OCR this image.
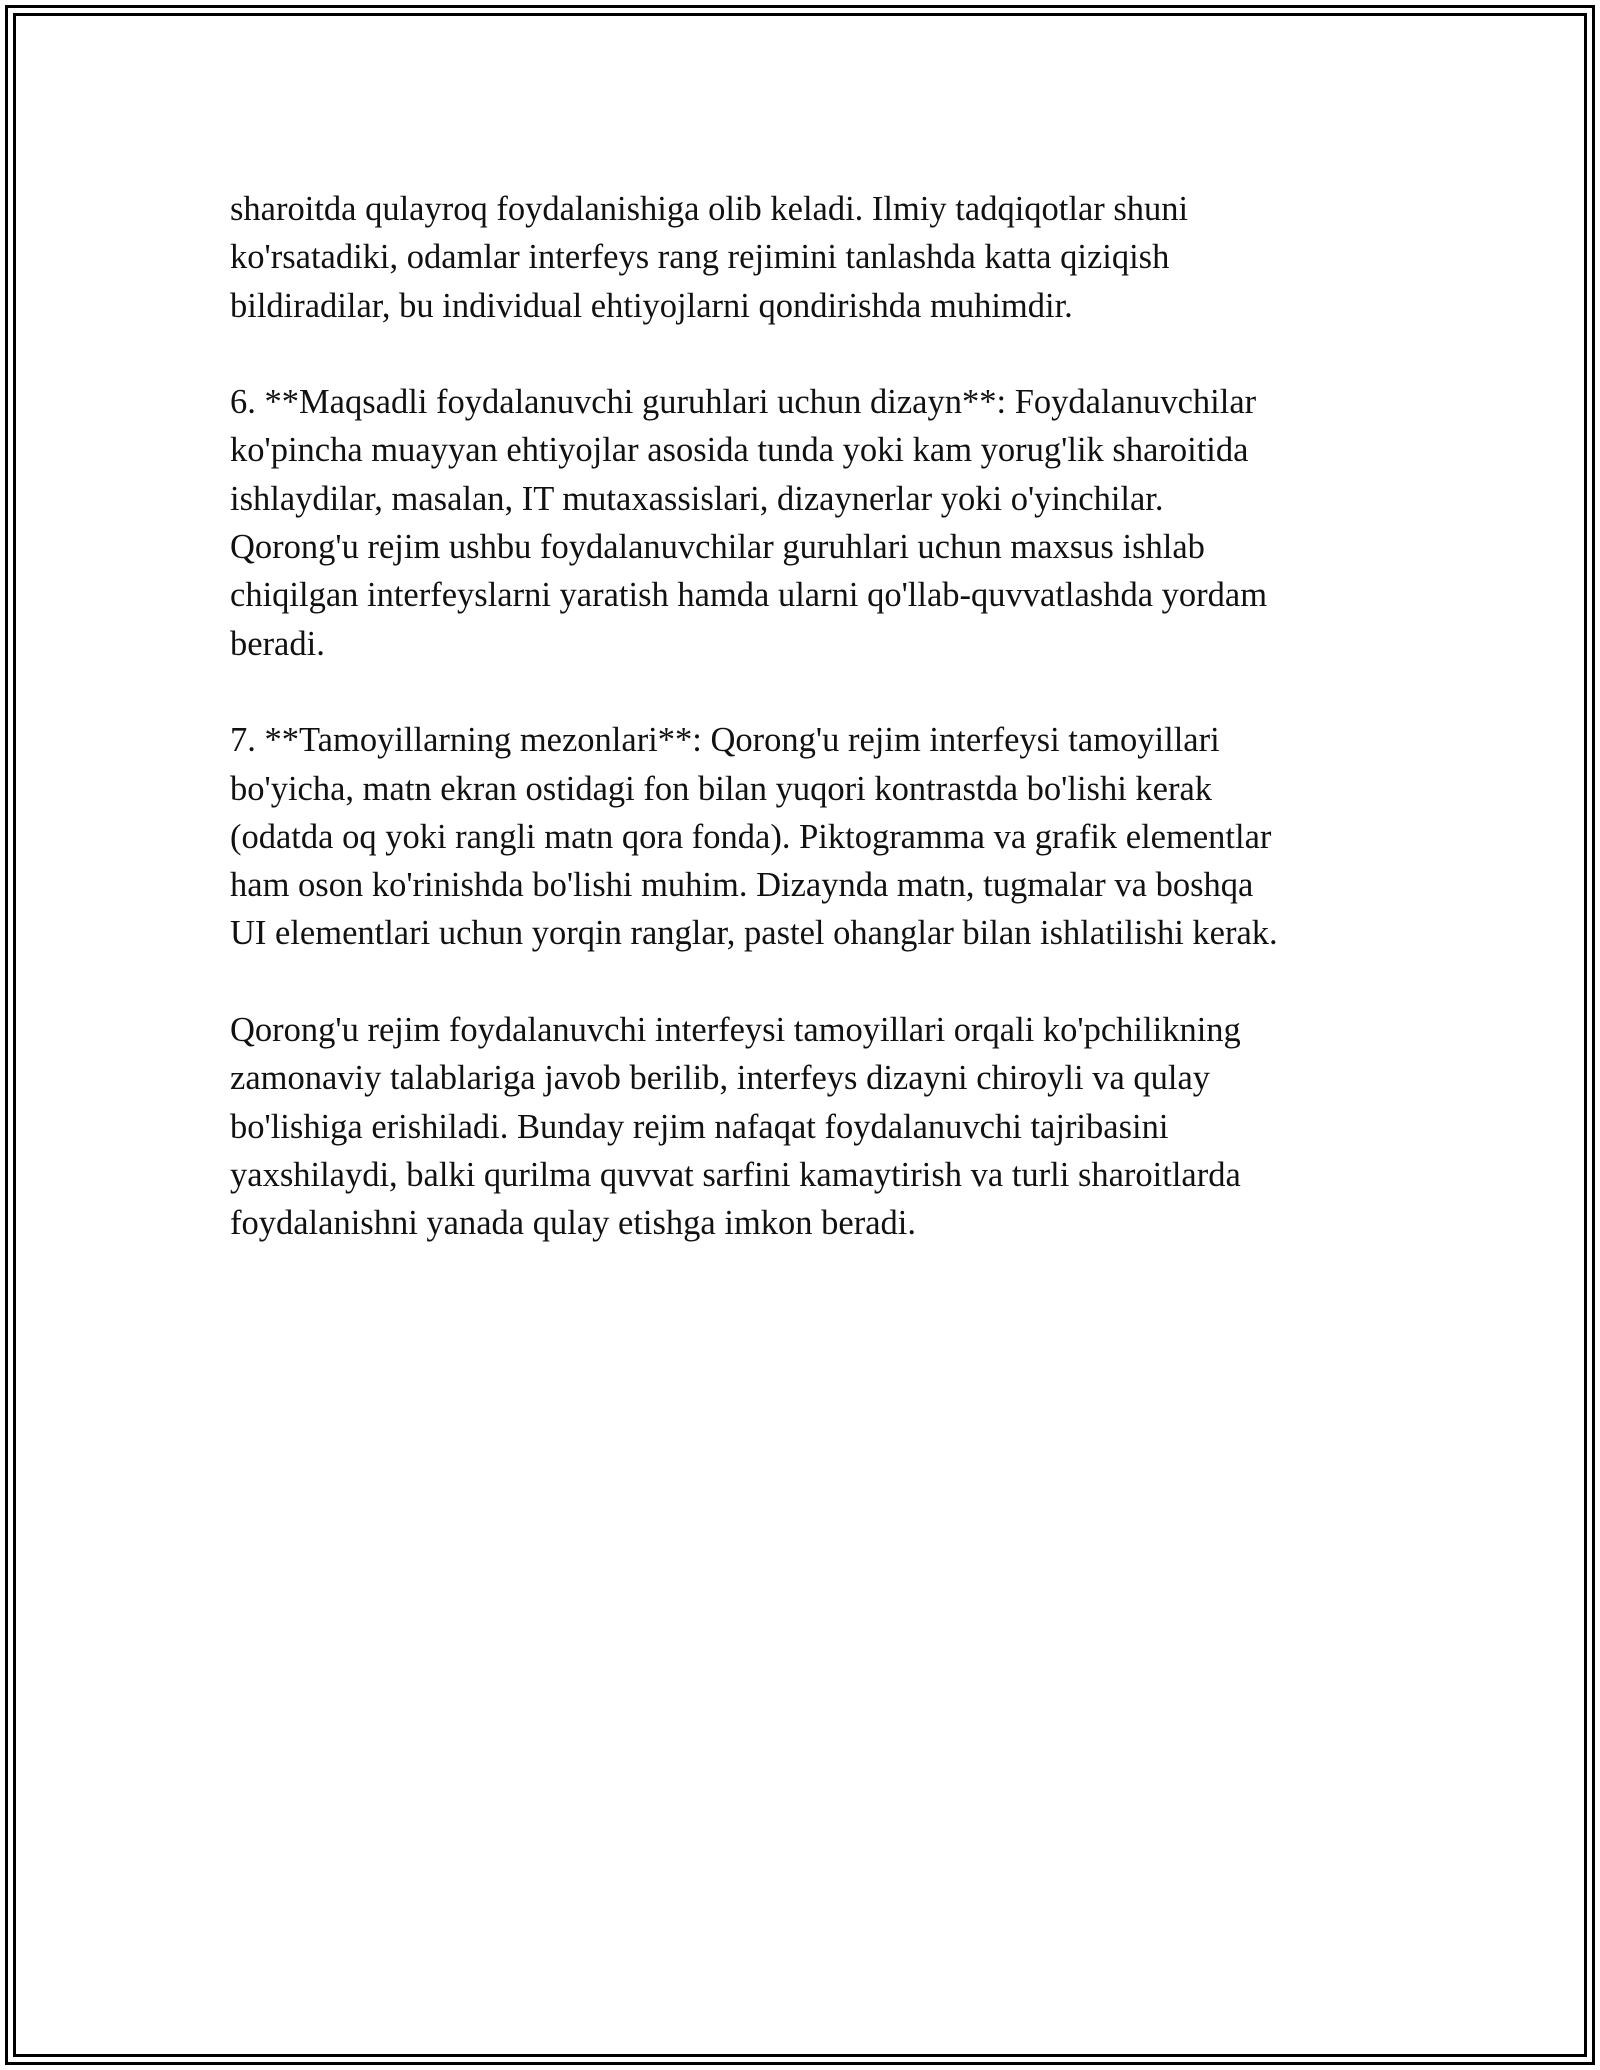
sharoitda qulayroq foydalanishiga olib keladi. Ilmiy tadqiqotlar shuni
ko'rsatadiki, odamlar interfeys rang rejimini tanlashda katta qiziqish
bildiradilar, bu individual ehtiyojlarni qondirishda muhimdir.

6. **Maqsadli foydalanuvchi guruhlari uchun dizayn**: Foydalanuvchilar
ko'pincha muayyan ehtiyojlar asosida tunda yoki kam yorug'lik sharoitida
ishlaydilar, masalan, IT mutaxassislari, dizaynerlar yoki o'yinchilar.
Qorong'u rejim ushbu foydalanuvchilar guruhlari uchun maxsus ishlab
chiqilgan interfeyslarni yaratish hamda ularni qo'llab-quvvatlashda yordam
beradi.

7. **Tamoyillarning mezonlari**: Qorong'u rejim interfeysi tamoyillari
bo'yicha, matn ekran ostidagi fon bilan yuqori kontrastda bo'lishi kerak
(odatda oq yoki rangli matn qora fonda). Piktogramma va grafik elementlar
ham oson ko'rinishda bo'lishi muhim. Dizaynda matn, tugmalar va boshqa
UI elementlari uchun yorqin ranglar, pastel ohanglar bilan ishlatilishi kerak.

Qorong'u rejim foydalanuvchi interfeysi tamoyillari orqali ko'pchilikning
zamonaviy talablariga javob berilib, interfeys dizayni chiroyli va qulay
bo'lishiga erishiladi. Bunday rejim nafaqat foydalanuvchi tajribasini
yaxshilaydi, balki qurilma quvvat sarfini kamaytirish va turli sharoitlarda
foydalanishni yanada qulay etishga imkon beradi.
